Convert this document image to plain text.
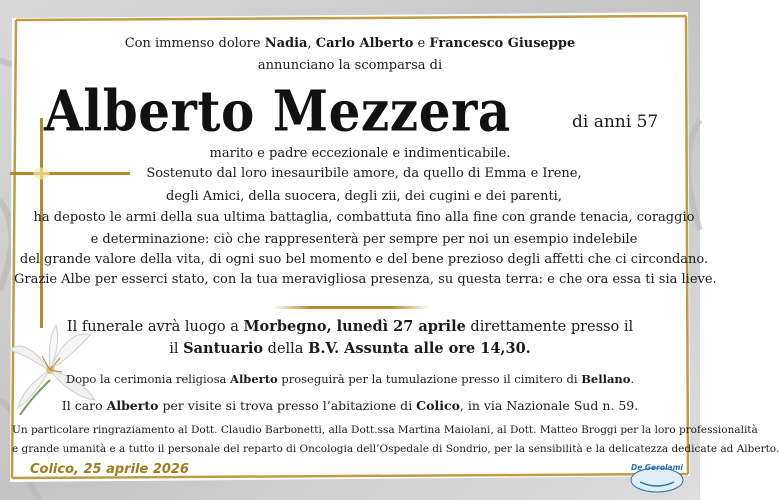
Con immenso dolore Nadia, Carlo Alberto e Francesco Giuseppe
annunciano la scomparsa di
Alberto Mezzera	di anni 57
marito e padre eccezionale e indimenticabile.
Sostenuto dal loro inesauribile amore, da quello di Emma e Irene,
degli Amici, della suocera, degli zii, dei cugini e dei parenti,
ha deposto le armi della sua ultima battaglia, combattuta fino alla fine con grande tenacia, coraggio
e determinazione: ciò che rappresenterà per sempre per noi un esempio indelebile
del grande valore della vita, di ogni suo bel momento e del bene prezioso degli affetti che ci circondano.
Grazie Albe per esserci stato, con la tua meravigliosa presenza, su questa terra: e che ora essa ti sia lieve.
Il funerale avrà luogo a Morbegno, lunedì 27 aprile direttamente presso il
il Santuario della B.V. Assunta alle ore 14,30.
Dopo la cerimonia religiosa Alberto proseguirà per la tumulazione presso il cimitero di Bellano.
Il caro Alberto per visite si trova presso l’abitazione di Colico, in via Nazionale Sud n. 59.
Un particolare ringraziamento al Dott. Claudio Barbonetti, alla Dott.ssa Martina Maiolani, al Dott. Matteo Broggi per la loro professionalità
e grande umanità e a tutto il personale del reparto di Oncologia dell’Ospedale di Sondrio, per la sensibilità e la delicatezza dedicate ad Alberto.
Colico, 25 aprile 2026	De Gerolami
